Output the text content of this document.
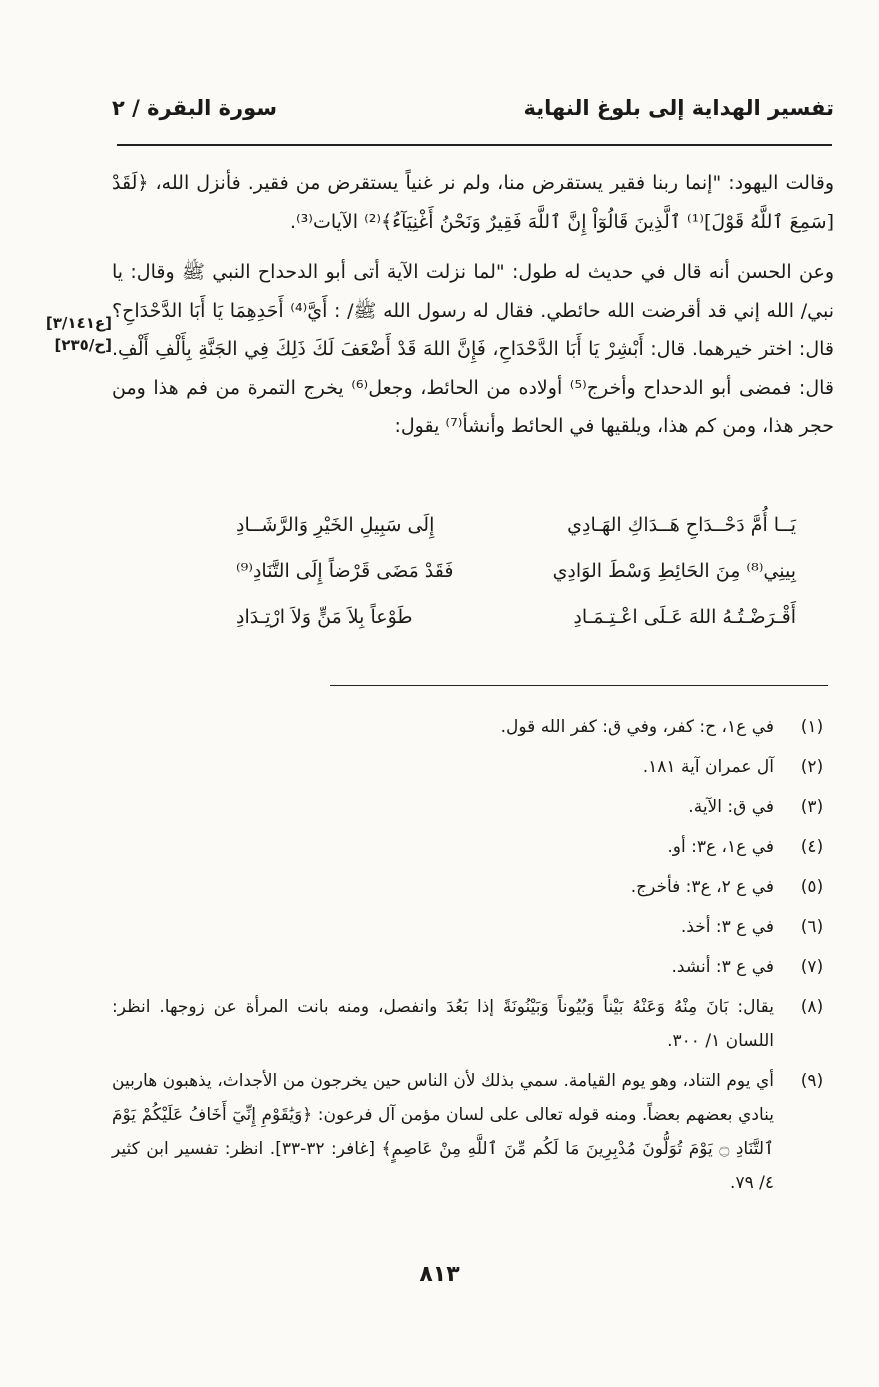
تفسير الهداية إلى بلوغ النهاية
سورة البقرة / ٢
[ع٣/١٤١]
[ح/٢٣٥]

وقالت اليهود: "إنما ربنا فقير يستقرض منا، ولم نر غنياً يستقرض من فقير. فأنزل الله، ﴿لَقَدْ [سَمِعَ ٱللَّهُ قَوْلَ]⁽¹⁾ ٱلَّذِينَ قَالُوٓاْ إِنَّ ٱللَّهَ فَقِيرٌ وَنَحْنُ أَغْنِيَآءُ﴾⁽²⁾ الآيات⁽³⁾.

وعن الحسن أنه قال في حديث له طول: "لما نزلت الآية أتى أبو الدحداح النبي ﷺ وقال: يا نبي/ الله إني قد أقرضت الله حائطي. فقال له رسول الله ﷺ/ : أَيَّ⁽⁴⁾ أَحَدِهِمَا يَا أَبَا الدَّحْدَاحِ؟ قال: اختر خيرهما. قال: أَبْشِرْ يَا أَبَا الدَّحْدَاحِ، فَإِنَّ اللهَ قَدْ أَضْعَفَ لَكَ ذَلِكَ فِي الجَنَّةِ بِأَلْفِ أَلْفِ. قال: فمضى أبو الدحداح وأخرج⁽⁵⁾ أولاده من الحائط، وجعل⁽⁶⁾ يخرج التمرة من فم هذا ومن حجر هذا، ومن كم هذا، ويلقيها في الحائط وأنشأ⁽⁷⁾ يقول:

يَــا أُمَّ دَحْــدَاحِ هَــدَاكِ الهَـادِي
إِلَى سَبِيلِ الخَيْرِ وَالرَّشَــادِ
بِينِي⁽⁸⁾ مِنَ الحَائِطِ وَسْطَ الوَادِي
فَقَدْ مَضَى قَرْضاً إِلَى التَّنَادِ⁽⁹⁾
أَقْـرَضْـتُـهُ اللهَ عَـلَى اعْـتِـمَـادِ
طَوْعاً بِلاَ مَنٍّ وَلاَ ارْتِـدَادِ
(١)
في ع١، ح: كفر، وفي ق: كفر الله قول.
(٢)
آل عمران آية ١٨١.
(٣)
في ق: الآية.
(٤)
في ع١، ع٣: أو.
(٥)
في ع ٢، ع٣: فأخرج.
(٦)
في ع ٣: أخذ.
(٧)
في ع ٣: أنشد.
(٨)
يقال: بَانَ مِنْهُ وَعَنْهُ بَيْناً وَبُيُوناً وَبَيْنُونَةً إذا بَعُدَ وانفصل، ومنه بانت المرأة عن زوجها. انظر: اللسان ١/ ٣٠٠.
(٩)
أي يوم التناد، وهو يوم القيامة. سمي بذلك لأن الناس حين يخرجون من الأجداث، يذهبون هاربين ينادي بعضهم بعضاً. ومنه قوله تعالى على لسان مؤمن آل فرعون: ﴿وَيَٰقَوْمِ إِنِّيٓ أَخَافُ عَلَيْكُمْ يَوْمَ ٱلتَّنَادِ ۝ يَوْمَ تُوَلُّونَ مُدْبِرِينَ مَا لَكُم مِّنَ ٱللَّهِ مِنْ عَاصِمٍ﴾ [غافر: ٣٢-٣٣]. انظر: تفسير ابن كثير ٤/ ٧٩.
٨١٣
